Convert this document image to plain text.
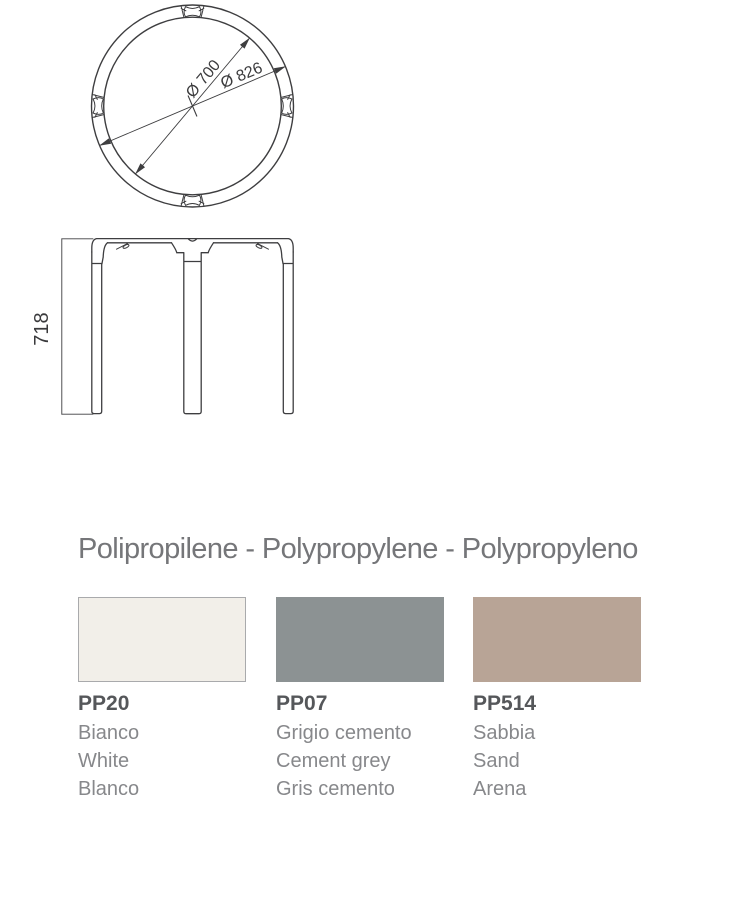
Ø 700
Ø 826
718
Polipropilene - Polypropylene - Polypropyleno
PP20	PP07	PP514
Bianco
White
Blanco
Grigio cemento
Cement grey
Gris cemento
Sabbia
Sand
Arena
